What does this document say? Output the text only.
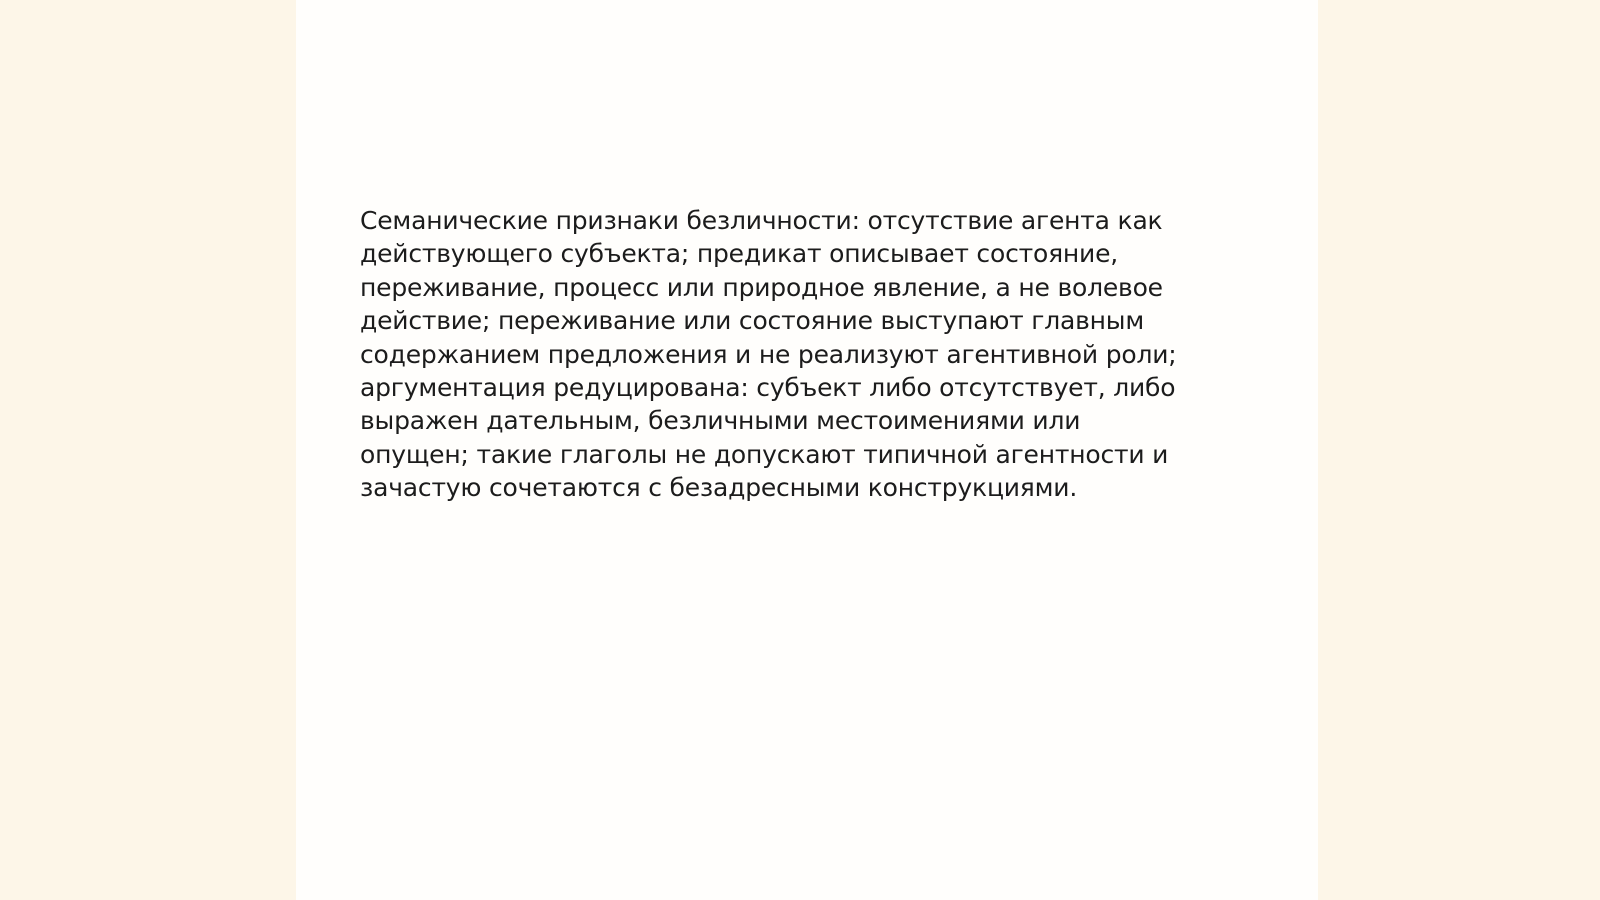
Семанические признаки безличности: отсутствие агента как
действующего субъекта; предикат описывает состояние,
переживание, процесс или природное явление, а не волевое
действие; переживание или состояние выступают главным
содержанием предложения и не реализуют агентивной роли;
аргументация редуцирована: субъект либо отсутствует, либо
выражен дательным, безличными местоимениями или
опущен; такие глаголы не допускают типичной агентности и
зачастую сочетаются с безадресными конструкциями.
